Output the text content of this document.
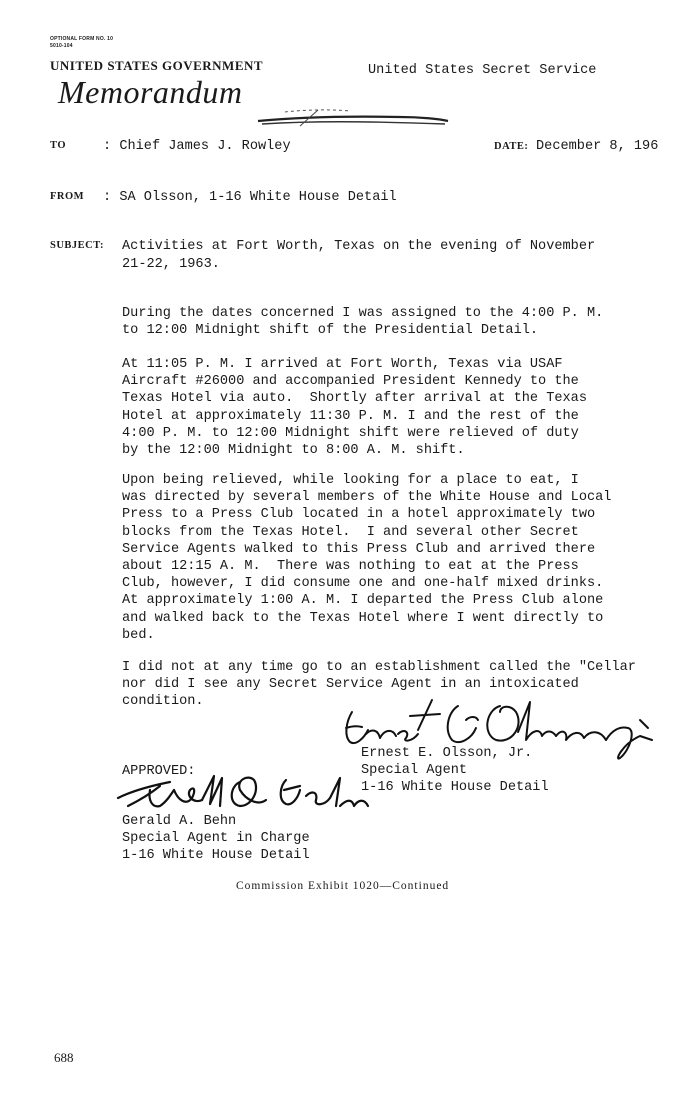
OPTIONAL FORM NO. 10
5010-104
UNITED STATES GOVERNMENT	United States Secret Service
Memorandum
TO	: Chief James J. Rowley	DATE: December 8, 196
FROM : SA Olsson, 1-16 White House Detail
SUBJECT: Activities at Fort Worth, Texas on the evening of November
21-22, 1963.
During the dates concerned I was assigned to the 4:00 P. M.
to 12:00 Midnight shift of the Presidential Detail.
At 11:05 P. M. I arrived at Fort Worth, Texas via USAF
Aircraft #26000 and accompanied President Kennedy to the
Texas Hotel via auto.  Shortly after arrival at the Texas
Hotel at approximately 11:30 P. M. I and the rest of the
4:00 P. M. to 12:00 Midnight shift were relieved of duty
by the 12:00 Midnight to 8:00 A. M. shift.
Upon being relieved, while looking for a place to eat, I
was directed by several members of the White House and Local
Press to a Press Club located in a hotel approximately two
blocks from the Texas Hotel.  I and several other Secret
Service Agents walked to this Press Club and arrived there
about 12:15 A. M.  There was nothing to eat at the Press
Club, however, I did consume one and one-half mixed drinks.
At approximately 1:00 A. M. I departed the Press Club alone
and walked back to the Texas Hotel where I went directly to
bed.
I did not at any time go to an establishment called the "Cellar
nor did I see any Secret Service Agent in an intoxicated
condition.
Ernest E. Olsson, Jr.
Special Agent
1-16 White House Detail
APPROVED:
Gerald A. Behn
Special Agent in Charge
1-16 White House Detail
Commission Exhibit 1020—Continued
688
